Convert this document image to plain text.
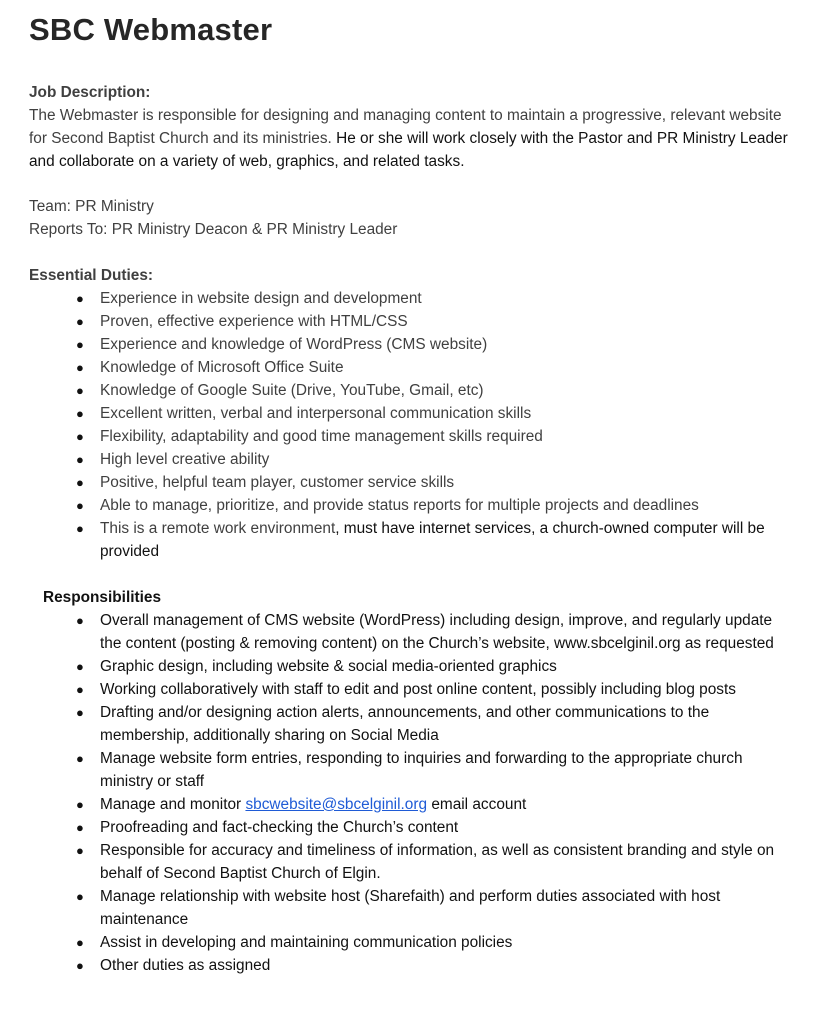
SBC Webmaster
Job Description:
The Webmaster is responsible for designing and managing content to maintain a progressive, relevant website for Second Baptist Church and its ministries. He or she will work closely with the Pastor and PR Ministry Leader and collaborate on a variety of web, graphics, and related tasks.
Team: PR Ministry
Reports To: PR Ministry Deacon & PR Ministry Leader
Essential Duties:
● Experience in website design and development
● Proven, effective experience with HTML/CSS
● Experience and knowledge of WordPress (CMS website)
● Knowledge of Microsoft Office Suite
● Knowledge of Google Suite (Drive, YouTube, Gmail, etc)
● Excellent written, verbal and interpersonal communication skills
● Flexibility, adaptability and good time management skills required
● High level creative ability
● Positive, helpful team player, customer service skills
● Able to manage, prioritize, and provide status reports for multiple projects and deadlines
● This is a remote work environment, must have internet services, a church-owned computer will be provided
Responsibilities
● Overall management of CMS website (WordPress) including design, improve, and regularly update the content (posting & removing content) on the Church’s website, www.sbcelginil.org as requested
● Graphic design, including website & social media-oriented graphics
● Working collaboratively with staff to edit and post online content, possibly including blog posts
● Drafting and/or designing action alerts, announcements, and other communications to the membership, additionally sharing on Social Media
● Manage website form entries, responding to inquiries and forwarding to the appropriate church ministry or staff
● Manage and monitor sbcwebsite@sbcelginil.org email account
● Proofreading and fact-checking the Church’s content
● Responsible for accuracy and timeliness of information, as well as consistent branding and style on behalf of Second Baptist Church of Elgin.
● Manage relationship with website host (Sharefaith) and perform duties associated with host maintenance
● Assist in developing and maintaining communication policies
● Other duties as assigned
